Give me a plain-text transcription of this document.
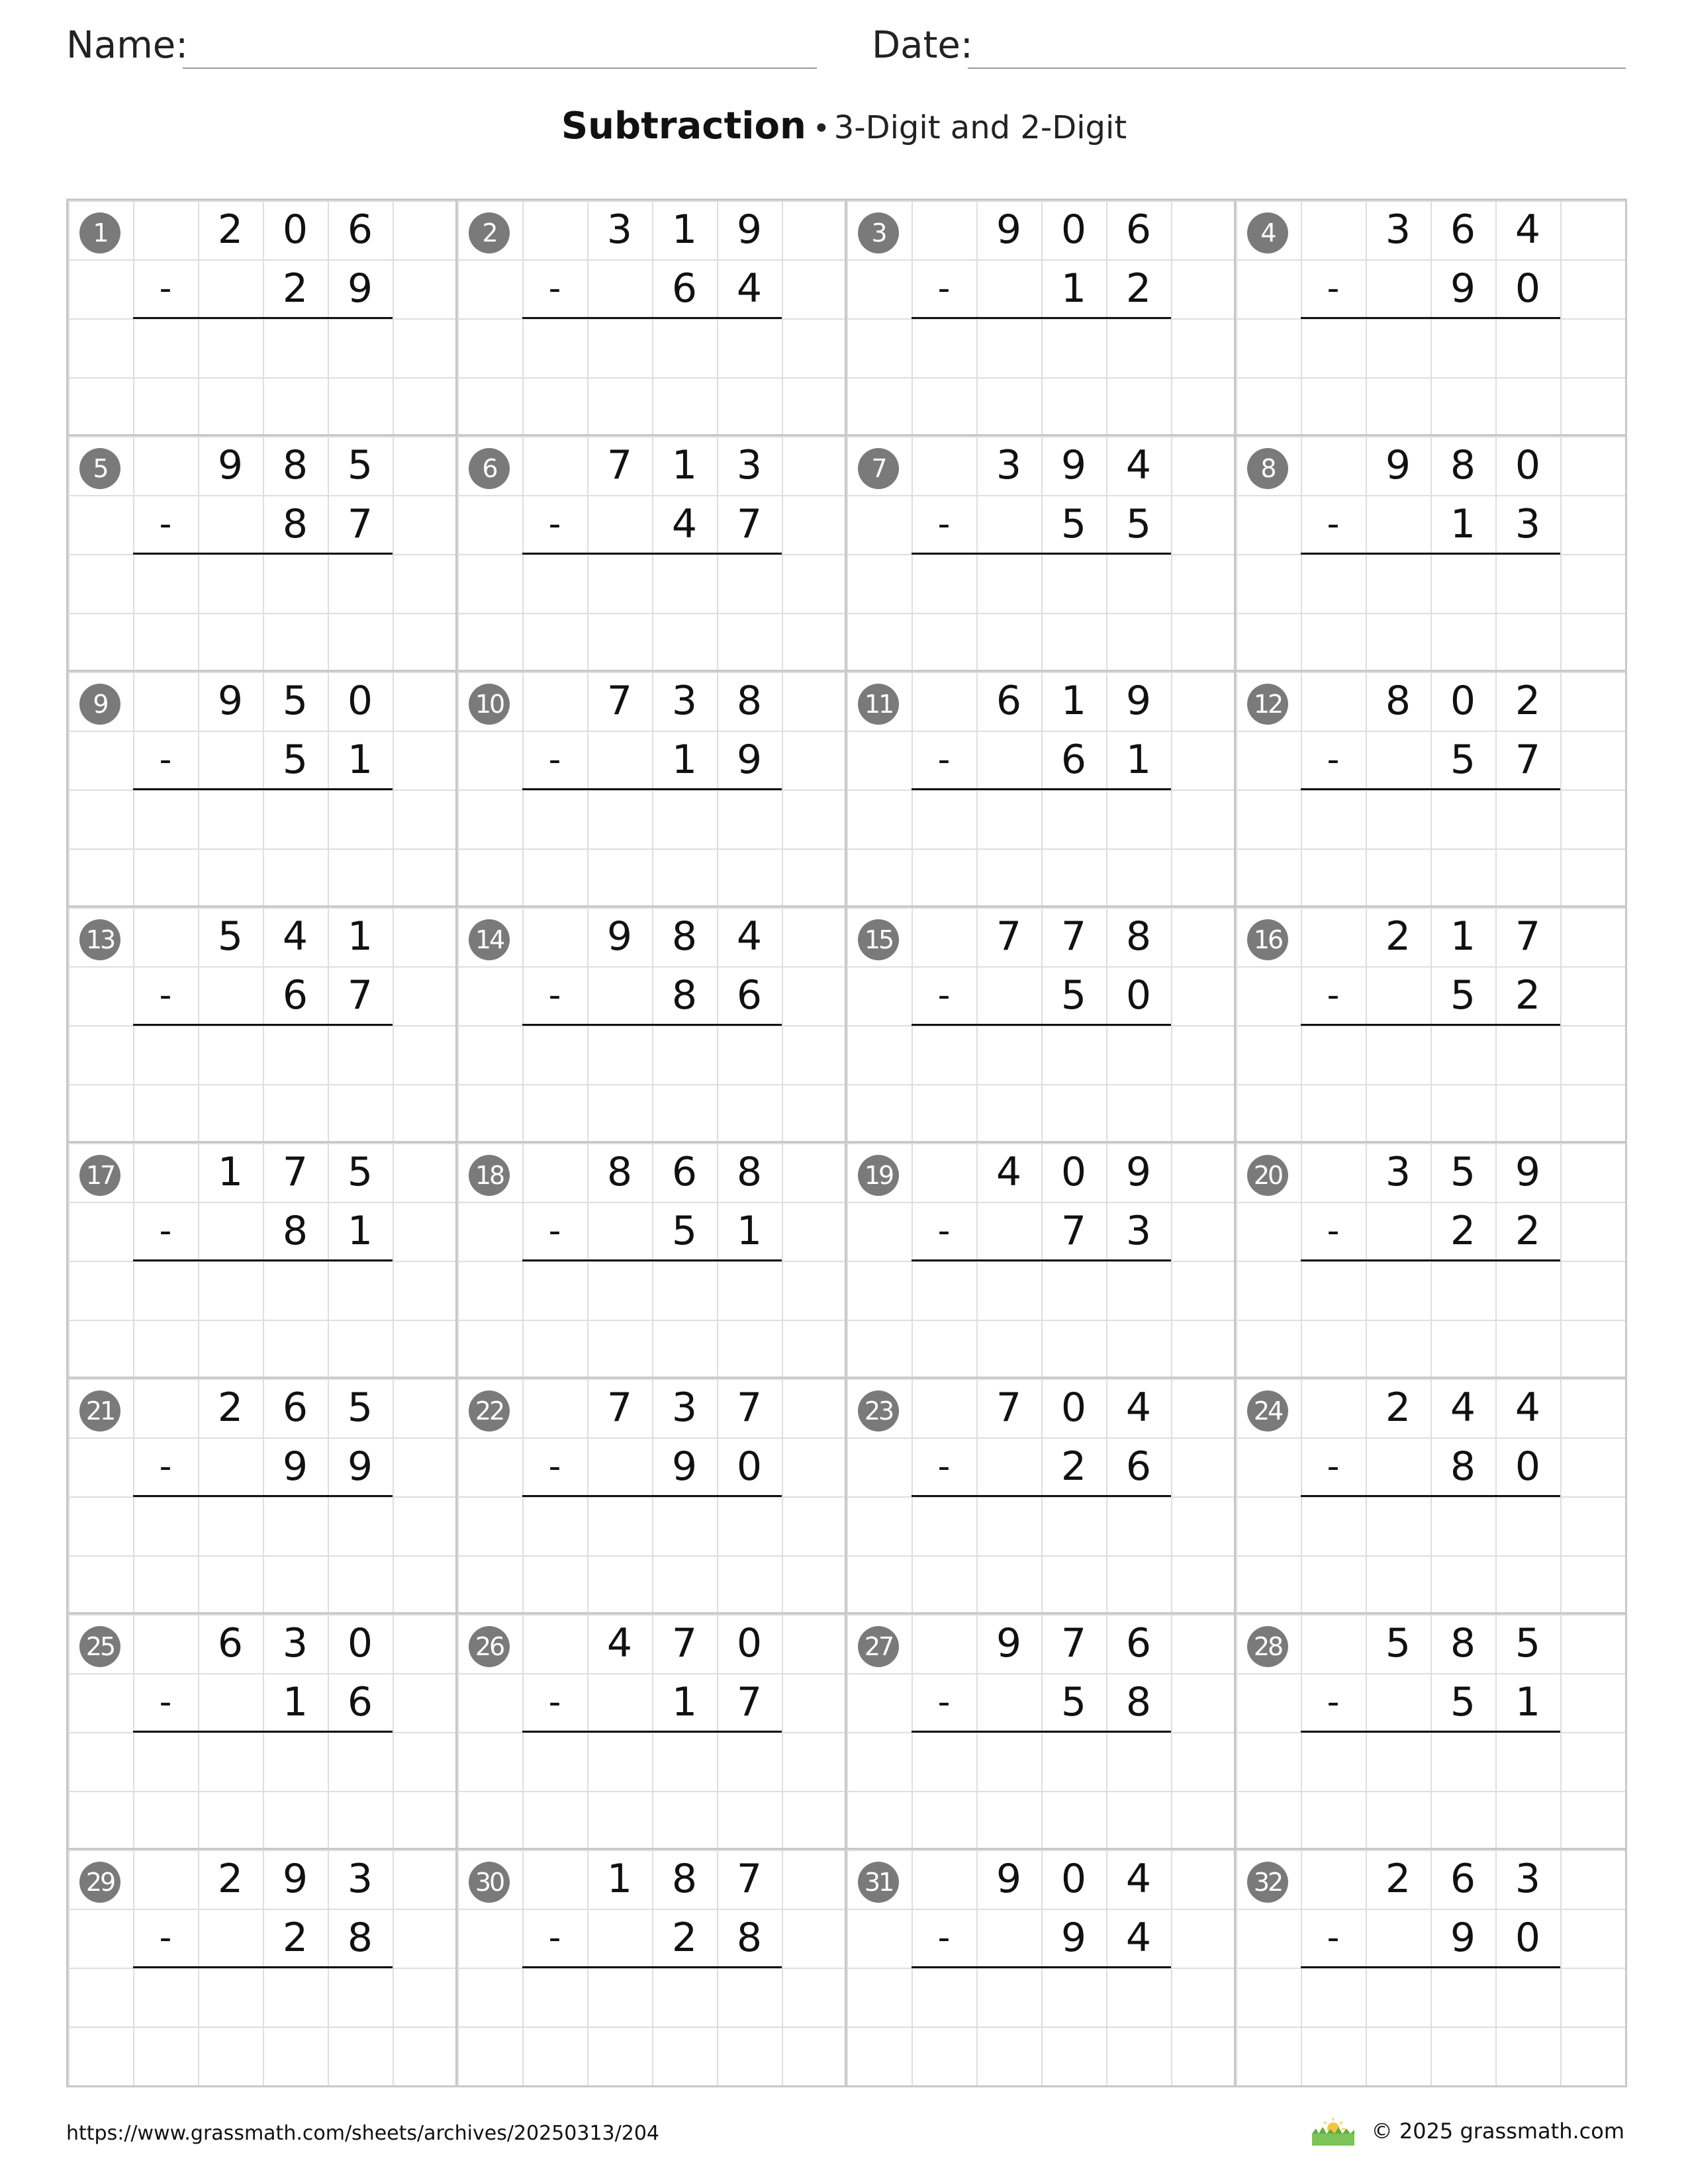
Name:	Date:
Subtraction • 3-Digit and 2-Digit
1	2 0 6
-	2 9
2	3 1 9
-	6 4
3	9 0 6
-	1 2
4	3 6 4
-	9 0
5	9 8 5
-	8 7
6	7 1 3
-	4 7
7	3 9 4
-	5 5
8	9 8 0
-	1 3
9	9 5 0
-	5 1
10	7 3 8
-	1 9
11	6 1 9
-	6 1
12	8 0 2
-	5 7
13	5 4 1
-	6 7
14	9 8 4
-	8 6
15	7 7 8
-	5 0
16	2 1 7
-	5 2
17	1 7 5
-	8 1
18	8 6 8
-	5 1
19	4 0 9
-	7 3
20	3 5 9
-	2 2
21	2 6 5
-	9 9
22	7 3 7
-	9 0
23	7 0 4
-	2 6
24	2 4 4
-	8 0
25	6 3 0
-	1 6
26	4 7 0
-	1 7
27	9 7 6
-	5 8
28	5 8 5
-	5 1
29	2 9 3
-	2 8
30	1 8 7
-	2 8
31	9 0 4
-	9 4
32	2 6 3
-	9 0
https://www.grassmath.com/sheets/archives/20250313/204	© 2025 grassmath.com
